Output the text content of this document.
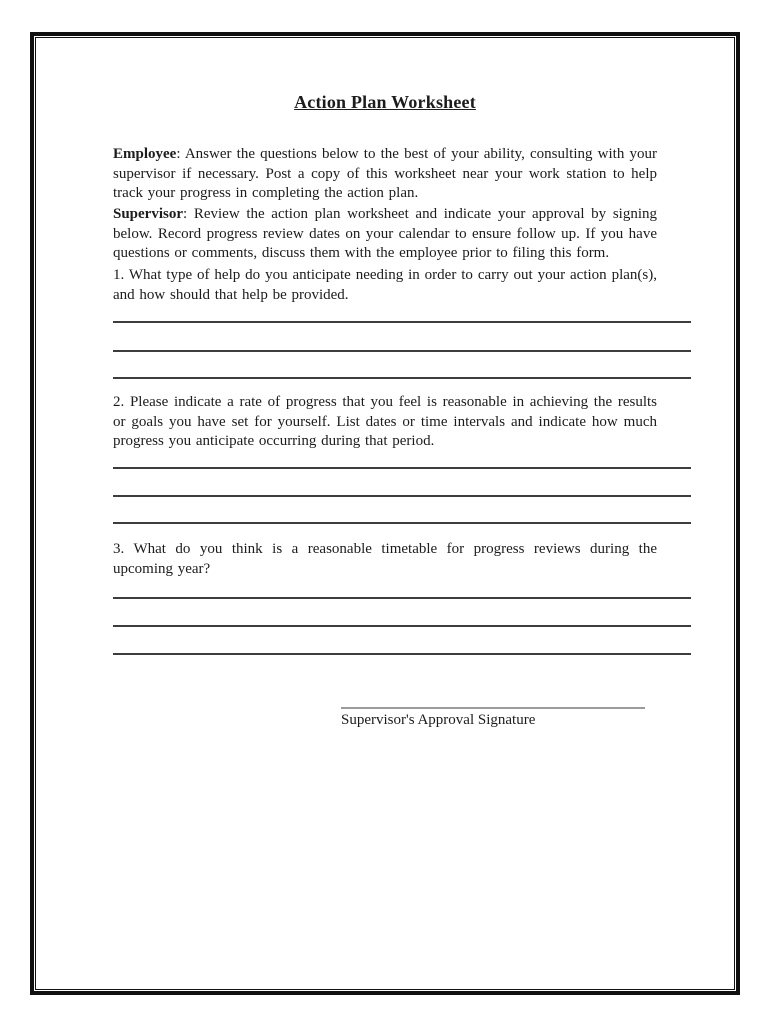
Action Plan Worksheet

Employee: Answer the questions below to the best of your ability, consulting with your supervisor if necessary. Post a copy of this worksheet near your work station to help track your progress in completing the action plan.

Supervisor: Review the action plan worksheet and indicate your approval by signing below. Record progress review dates on your calendar to ensure follow up. If you have questions or comments, discuss them with the employee prior to filing this form.

1. What type of help do you anticipate needing in order to carry out your action plan(s), and how should that help be provided.

2. Please indicate a rate of progress that you feel is reasonable in achieving the results or goals you have set for yourself. List dates or time intervals and indicate how much progress you anticipate occurring during that period.

3. What do you think is a reasonable timetable for progress reviews during the upcoming year?

Supervisor's Approval Signature
